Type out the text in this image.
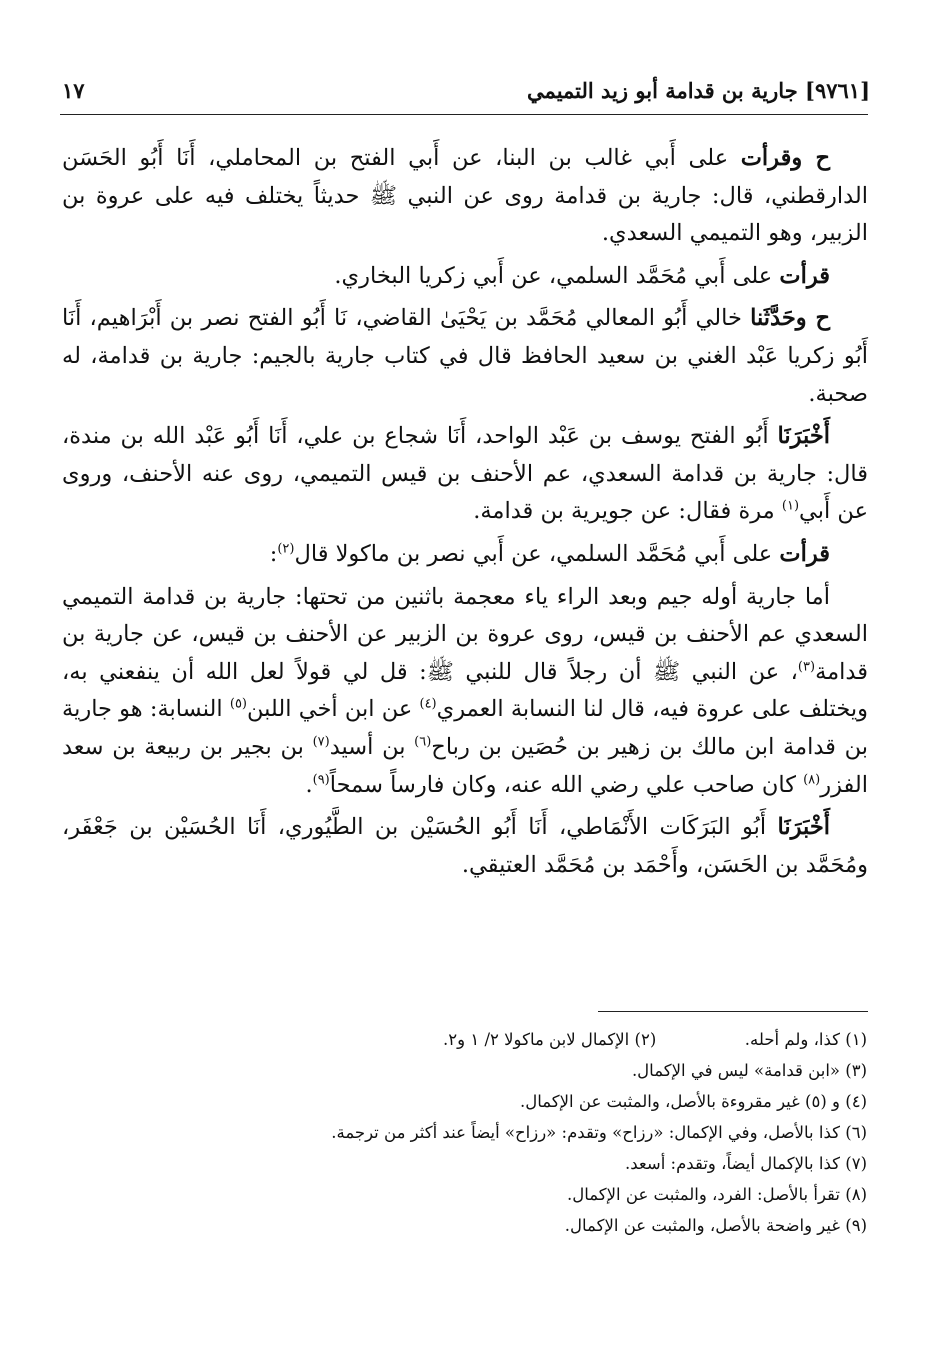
[٩٧٦١] جارية بن قدامة أبو زيد التميمي
١٧

ح وقرأت على أَبي غالب بن البنا، عن أَبي الفتح بن المحاملي، أَنَا أَبُو الحَسَن الدارقطني، قال: جارية بن قدامة روى عن النبي ﷺ حديثاً يختلف فيه على عروة بن الزبير، وهو التميمي السعدي.

قرأت على أَبي مُحَمَّد السلمي، عن أَبي زكريا البخاري.

ح وحَدَّثَنا خالي أَبُو المعالي مُحَمَّد بن يَحْيَىٰ القاضي، نَا أَبُو الفتح نصر بن أَبْرَاهيم، أَنَا أَبُو زكريا عَبْد الغني بن سعيد الحافظ قال في كتاب جارية بالجيم: جارية بن قدامة، له صحبة.

أَخْبَرَنَا أَبُو الفتح يوسف بن عَبْد الواحد، أَنَا شجاع بن علي، أَنَا أَبُو عَبْد الله بن مندة، قال: جارية بن قدامة السعدي، عم الأحنف بن قيس التميمي، روى عنه الأحنف، وروى عن أَبي$^{(١)}$ مرة فقال: عن جويرية بن قدامة.

قرأت على أَبي مُحَمَّد السلمي، عن أَبي نصر بن ماكولا قال$^{(٢)}$:

أما جارية أوله جيم وبعد الراء ياء معجمة باثنين من تحتها: جارية بن قدامة التميمي السعدي عم الأحنف بن قيس، روى عروة بن الزبير عن الأحنف بن قيس، عن جارية بن قدامة$^{(٣)}$، عن النبي ﷺ أن رجلاً قال للنبي ﷺ: قل لي قولاً لعل الله أن ينفعني به، ويختلف على عروة فيه، قال لنا النسابة العمري$^{(٤)}$ عن ابن أخي اللبن$^{(٥)}$ النسابة: هو جارية بن قدامة ابن مالك بن زهير بن حُصَين بن رباح$^{(٦)}$ بن أسيد$^{(٧)}$ بن بجير بن ربيعة بن سعد الفزر$^{(٨)}$ كان صاحب علي رضي الله عنه، وكان فارساً سمحاً$^{(٩)}$.

أَخْبَرَنَا أَبُو البَرَكَات الأَنْمَاطي، أَنَا أَبُو الحُسَيْن بن الطَّيُوري، أَنَا الحُسَيْن بن جَعْفَر، ومُحَمَّد بن الحَسَن، وأَحْمَد بن مُحَمَّد العتيقي.

(١) كذا، ولم أحله.  (٢) الإكمال لابن ماكولا ٢/ ١ و٢.
(٣) «ابن قدامة» ليس في الإكمال.
(٤) و (٥) غير مقروءة بالأصل، والمثبت عن الإكمال.
(٦) كذا بالأصل، وفي الإكمال: «رزاح» وتقدم: «رزاح» أيضاً عند أكثر من ترجمة.
(٧) كذا بالإكمال أيضاً، وتقدم: أسعد.
(٨) تقرأ بالأصل: الفرد، والمثبت عن الإكمال.
(٩) غير واضحة بالأصل، والمثبت عن الإكمال.
